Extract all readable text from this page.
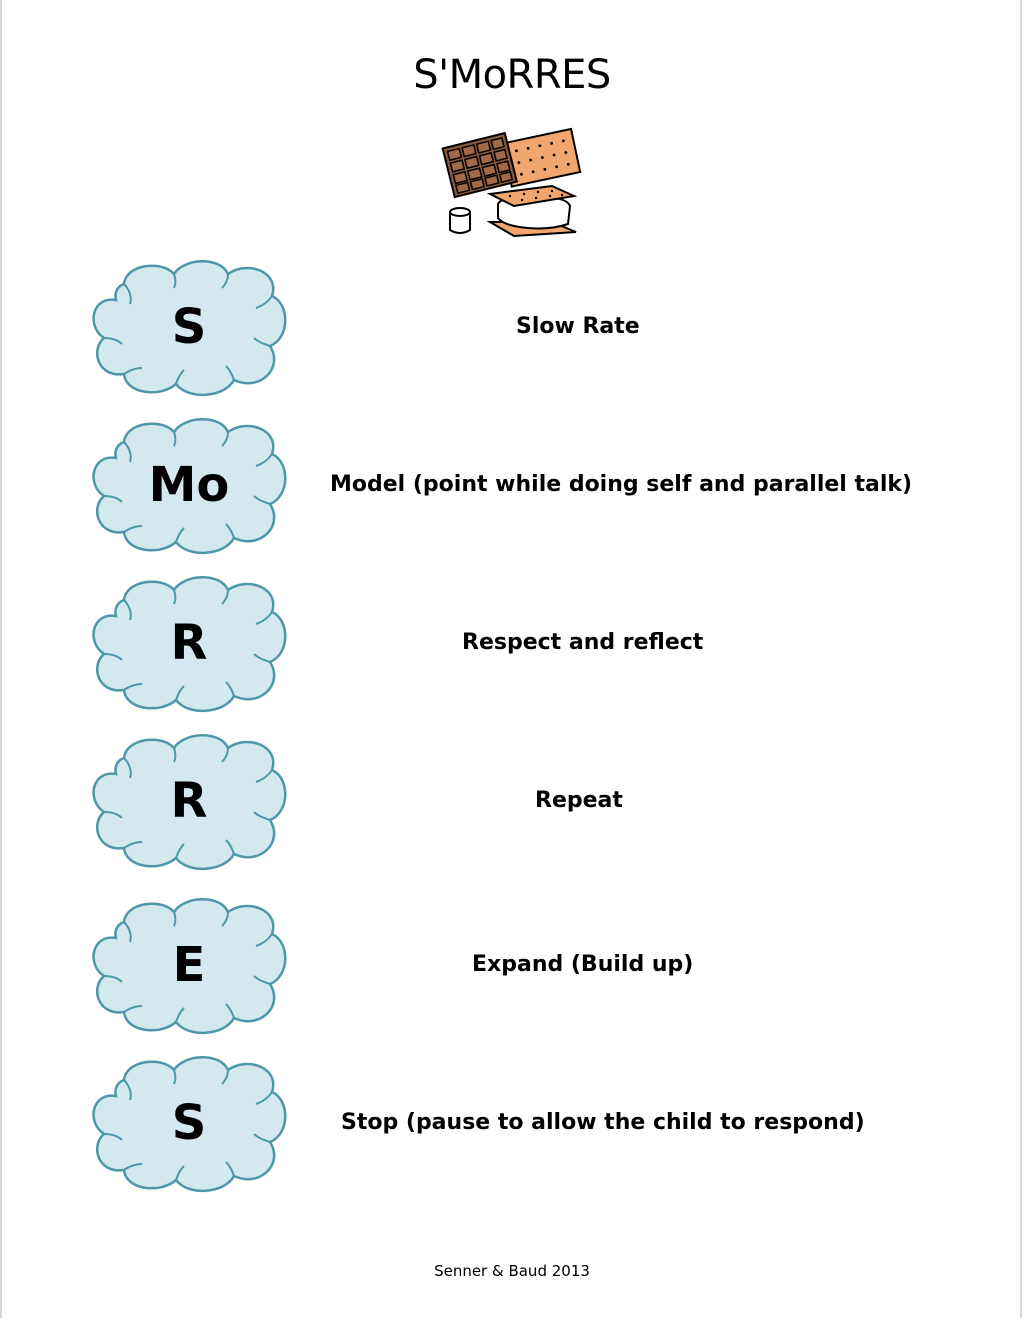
S'MoRRES
S	Slow Rate
Mo	Model (point while doing self and parallel talk)
R	Respect and reflect
R	Repeat
E	Expand (Build up)
S	Stop (pause to allow the child to respond)
Senner & Baud 2013
